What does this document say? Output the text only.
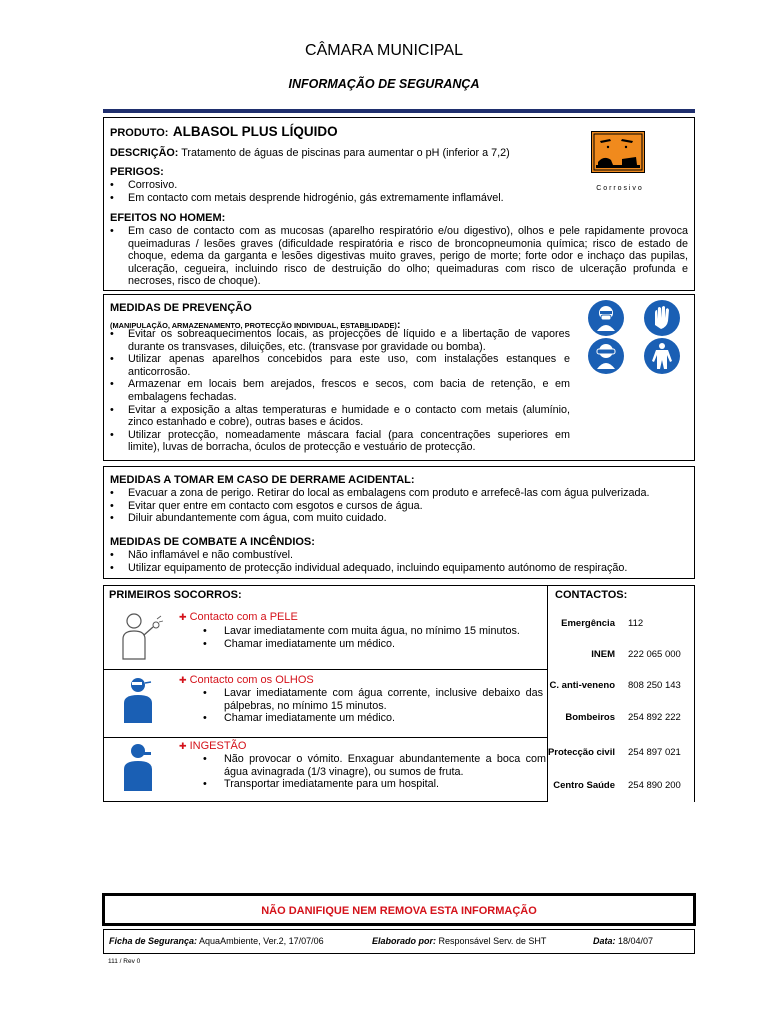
CÂMARA MUNICIPAL
INFORMAÇÃO DE SEGURANÇA
PRODUTO: ALBASOL PLUS LÍQUIDO
DESCRIÇÃO: Tratamento de águas de piscinas para aumentar o pH (inferior a 7,2)
PERIGOS:
• Corrosivo.
• Em contacto com metais desprende hidrogénio, gás extremamente inflamável.
C o r r o s i v o
EFEITOS NO HOMEM:
• Em caso de contacto com as mucosas (aparelho respiratório e/ou digestivo), olhos e pele rapidamente provoca queimaduras / lesões graves (dificuldade respiratória e risco de broncopneumonia química; risco de estado de choque, edema da garganta e lesões digestivas muito graves, perigo de morte; forte odor e inchaço das pupilas, ulceração, cegueira, incluindo risco de destruição do olho; queimaduras com risco de ulceração profunda e necroses, risco de choque).
MEDIDAS DE PREVENÇÃO
(MANIPULAÇÃO, ARMAZENAMENTO, PROTECÇÃO INDIVIDUAL, ESTABILIDADE):
• Evitar os sobreaquecimentos locais, as projecções de líquido e a libertação de vapores durante os transvases, diluições, etc. (transvase por gravidade ou bomba).
• Utilizar apenas aparelhos concebidos para este uso, com instalações estanques e anticorrosão.
• Armazenar em locais bem arejados, frescos e secos, com bacia de retenção, e em embalagens fechadas.
• Evitar a exposição a altas temperaturas e humidade e o contacto com metais (alumínio, zinco estanhado e cobre), outras bases e ácidos.
• Utilizar protecção, nomeadamente máscara facial (para concentrações superiores em limite), luvas de borracha, óculos de protecção e vestuário de protecção.
MEDIDAS A TOMAR EM CASO DE DERRAME ACIDENTAL:
• Evacuar a zona de perigo. Retirar do local as embalagens com produto e arrefecê-las com água pulverizada.
• Evitar quer entre em contacto com esgotos e cursos de água.
• Diluir abundantemente com água, com muito cuidado.
MEDIDAS DE COMBATE A INCÊNDIOS:
• Não inflamável e não combustível.
• Utilizar equipamento de protecção individual adequado, incluindo equipamento autónomo de respiração.
PRIMEIROS SOCORROS:
✚ Contacto com a PELE
• Lavar imediatamente com muita água, no mínimo 15 minutos.
• Chamar imediatamente um médico.
✚ Contacto com os OLHOS
• Lavar imediatamente com água corrente, inclusive debaixo das pálpebras, no mínimo 15 minutos.
• Chamar imediatamente um médico.
✚ INGESTÃO
• Não provocar o vómito. Enxaguar abundantemente a boca com água avinagrada (1/3 vinagre), ou sumos de fruta.
• Transportar imediatamente para um hospital.
CONTACTOS:
Emergência 112
INEM 222 065 000
C. anti-veneno 808 250 143
Bombeiros 254 892 222
Protecção civil 254 897 021
Centro Saúde 254 890 200
NÃO DANIFIQUE NEM REMOVA ESTA INFORMAÇÃO
Ficha de Segurança: AquaAmbiente, Ver.2, 17/07/06	Elaborado por: Responsável Serv. de SHT	Data: 18/04/07
111 / Rev 0
